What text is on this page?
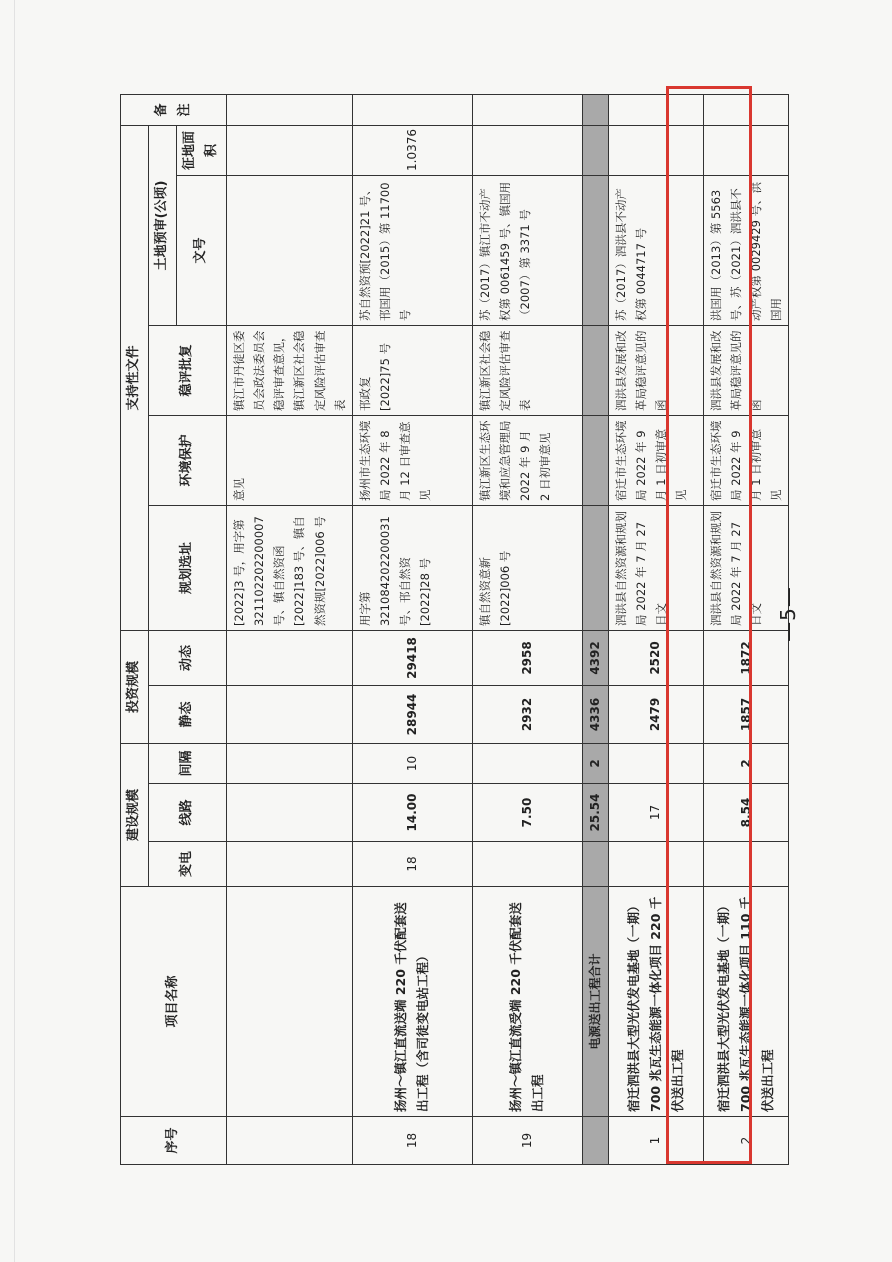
序号	项目名称	建设规模			投资规模		支持性文件					备注
		变电	线路	间隔	静态	动态	规划选址	环境保护	稳评批复	土地预审(公顷)		
										文号	征地面积	
							[2022]3 号，用字第 321102202200007 号、镇自然资函[2022]183 号、镇自然资规[2022]006 号	意见	镇江市丹徒区委员会政法委员会稳评审查意见，镇江新区社会稳定风险评估审查表			
18	扬州～镇江直流送端 220 千伏配套送出工程（含司徒变电站工程）	18	14.00	10	28944	29418	用字第 321084202200031 号、邗自然资[2022]28 号	扬州市生态环境局 2022 年 8 月 12 日审查意见	邗政复[2022]75 号	苏自然资预[2022]21 号、邗国用（2015）第 11700 号	1.0376	
19	扬州～镇江直流受端 220 千伏配套送出工程		7.50		2932	2958	镇自然资意新[2022]006 号	镇江新区生态环境和应急管理局 2022 年 9 月 2 日初审意见	镇江新区社会稳定风险评估审查表	苏（2017）镇江市不动产权第 0061459 号、镇国用（2007）第 3371 号		
	电源送出工程合计		25.54	2	4336	4392						
1	宿迁泗洪县大型光伏发电基地（一期）700 兆瓦生态能源一体化项目 220 千伏送出工程		17		2479	2520	泗洪县自然资源和规划局 2022 年 7 月 27 日文	宿迁市生态环境局 2022 年 9 月 1 日初审意见	泗洪县发展和改革局稳评意见的函	苏（2017）泗洪县不动产权第 0044717 号		
2	宿迁泗洪县大型光伏发电基地（一期）700 兆瓦生态能源一体化项目 110 千伏送出工程		8.54	2	1857	1872	泗洪县自然资源和规划局 2022 年 7 月 27 日文	宿迁市生态环境局 2022 年 9 月 1 日初审意见	泗洪县发展和改革局稳评意见的函	洪国用（2013）第 5563 号、苏（2021）泗洪县不动产权第 0029429 号、洪国用		
—5—
